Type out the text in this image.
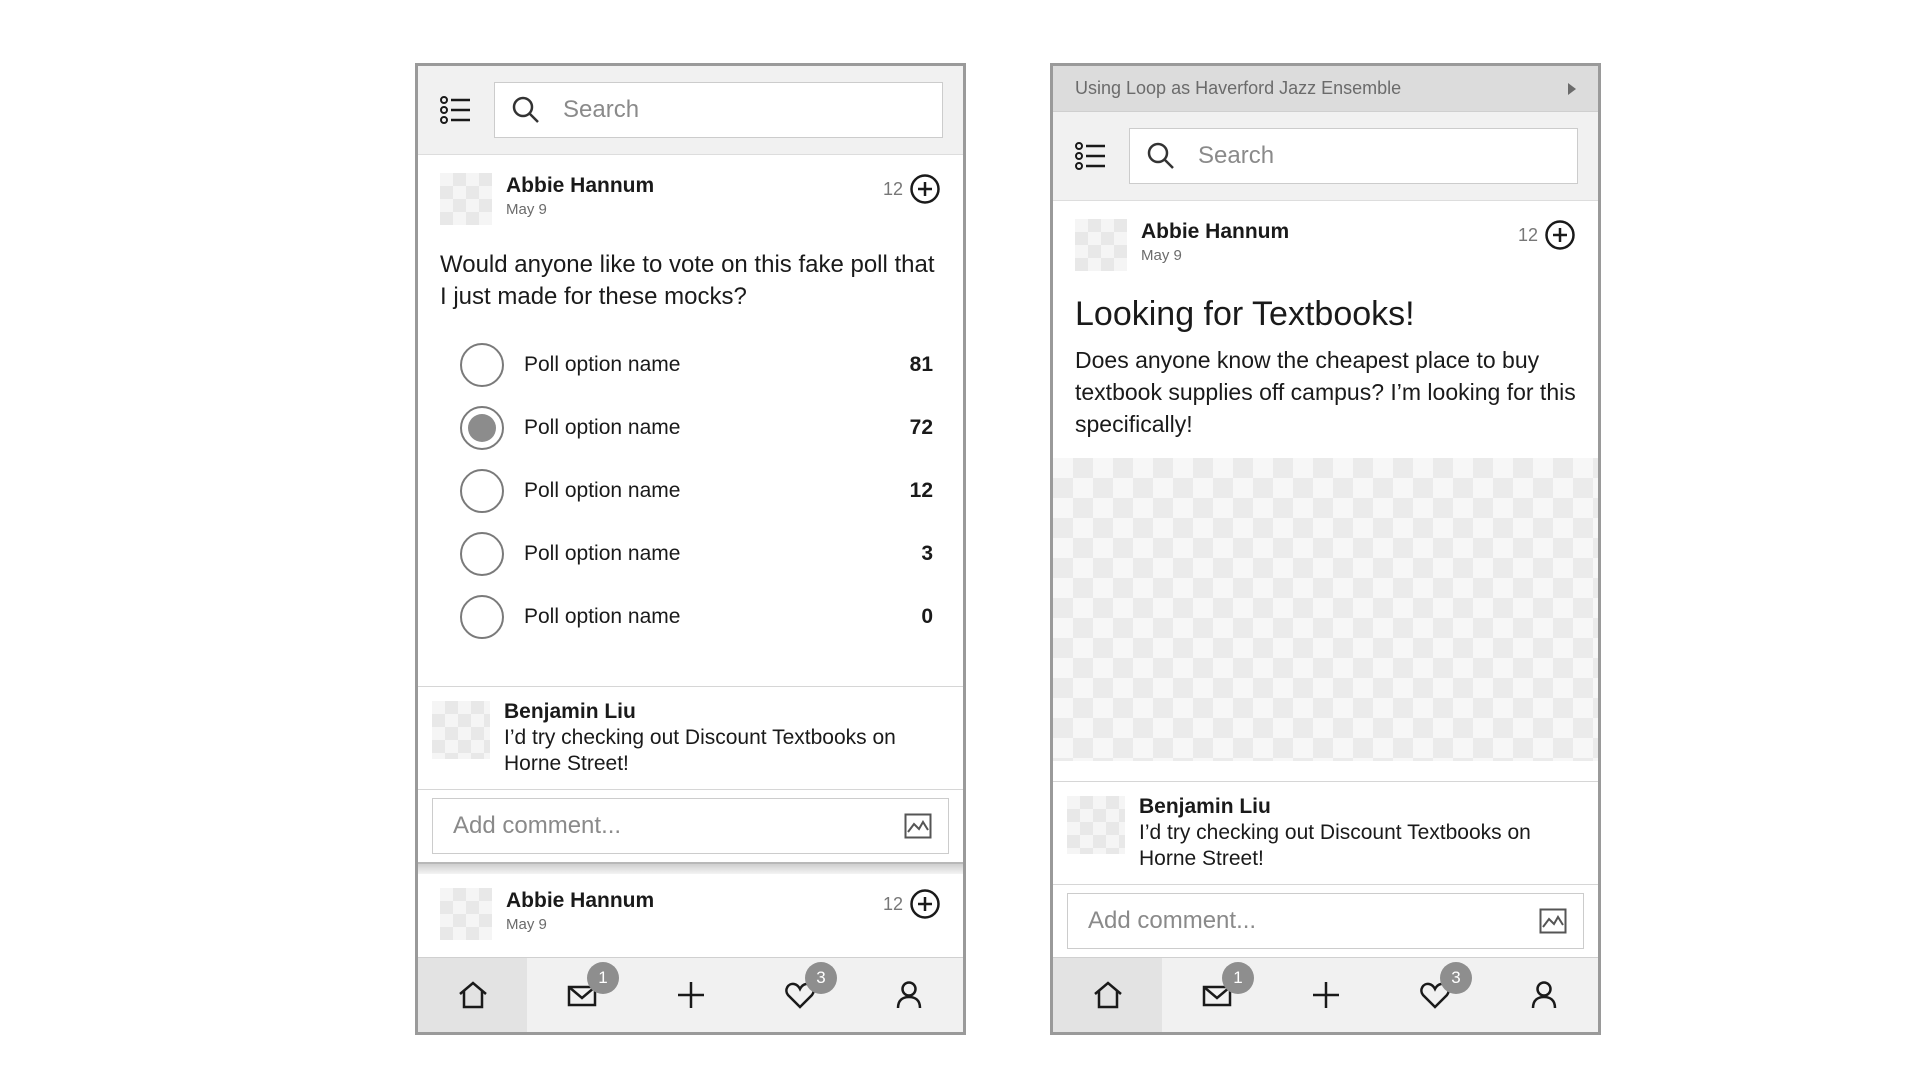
Search
Abbie Hannum
May 9
12
Would anyone like to vote on this fake poll that I just made for these mocks?
Poll option name	81
Poll option name	72
Poll option name	12
Poll option name	3
Poll option name	0
Benjamin Liu
I’d try checking out Discount Textbooks on Horne Street!
Add comment...
Abbie Hannum
May 9
12
1	3
Using Loop as Haverford Jazz Ensemble
Search
Abbie Hannum
May 9
12
Looking for Textbooks!
Does anyone know the cheapest place to buy textbook supplies off campus? I’m looking for this specifically!
Benjamin Liu
I’d try checking out Discount Textbooks on Horne Street!
Add comment...
1	3
